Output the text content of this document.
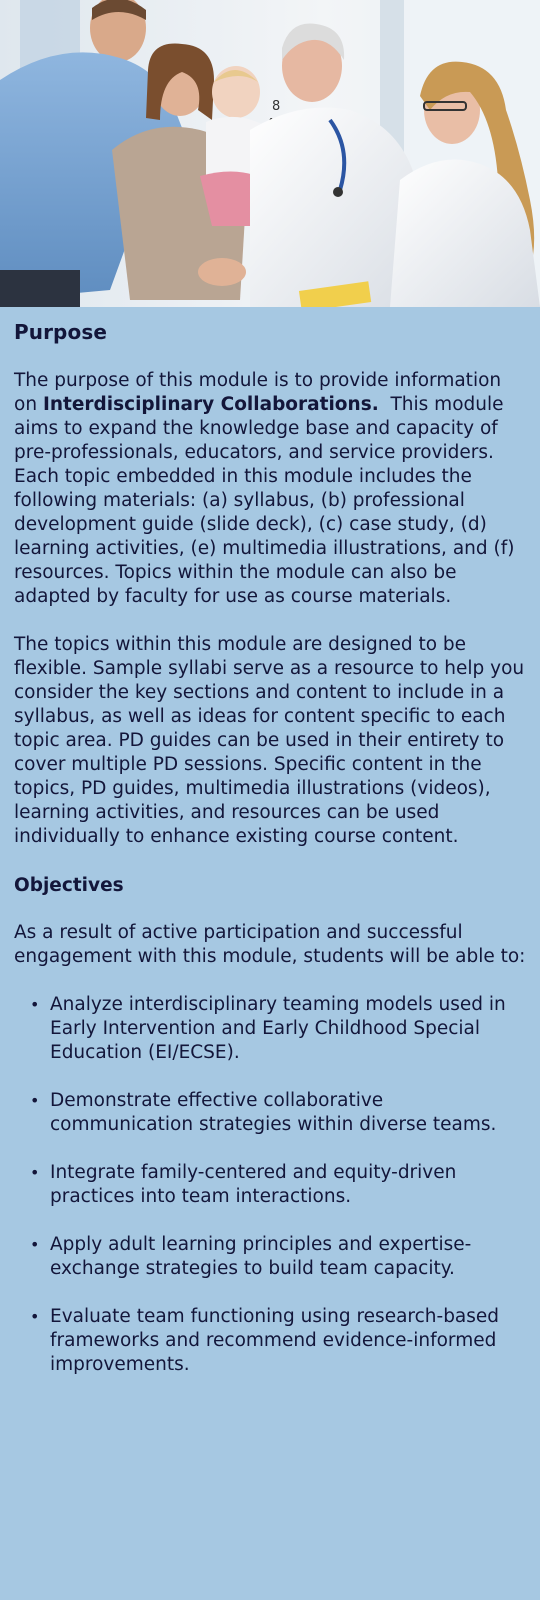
8
Purpose

The purpose of this module is to provide information on Interdisciplinary Collaborations.  This module aims to expand the knowledge base and capacity of pre-professionals, educators, and service providers. Each topic embedded in this module includes the following materials: (a) syllabus, (b) professional development guide (slide deck), (c) case study, (d) learning activities, (e) multimedia illustrations, and (f) resources. Topics within the module can also be adapted by faculty for use as course materials.

The topics within this module are designed to be flexible. Sample syllabi serve as a resource to help you consider the key sections and content to include in a syllabus, as well as ideas for content specific to each topic area. PD guides can be used in their entirety to cover multiple PD sessions. Specific content in the topics, PD guides, multimedia illustrations (videos), learning activities, and resources can be used individually to enhance existing course content.

Objectives

As a result of active participation and successful engagement with this module, students will be able to:

• Analyze interdisciplinary teaming models used in Early Intervention and Early Childhood Special Education (EI/ECSE).
• Demonstrate effective collaborative communication strategies within diverse teams.
• Integrate family-centered and equity-driven practices into team interactions.
• Apply adult learning principles and expertise-exchange strategies to build team capacity.
• Evaluate team functioning using research-based frameworks and recommend evidence-informed improvements.
